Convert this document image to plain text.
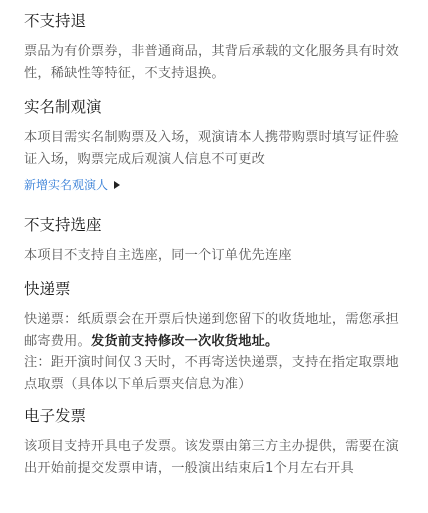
不支持退

票品为有价票券，非普通商品，其背后承载的文化服务具有时效性，稀缺性等特征，不支持退换。

实名制观演

本项目需实名制购票及入场，观演请本人携带购票时填写证件验证入场，购票完成后观演人信息不可更改

新增实名观演人
不支持选座

本项目不支持自主选座，同一个订单优先连座

快递票

快递票：纸质票会在开票后快递到您留下的收货地址，需您承担邮寄费用。发货前支持修改一次收货地址。
注：距开演时间仅３天时，不再寄送快递票，支持在指定取票地点取票（具体以下单后票夹信息为准）

电子发票

该项目支持开具电子发票。该发票由第三方主办提供，需要在演出开始前提交发票申请，一般演出结束后1个月左右开具
